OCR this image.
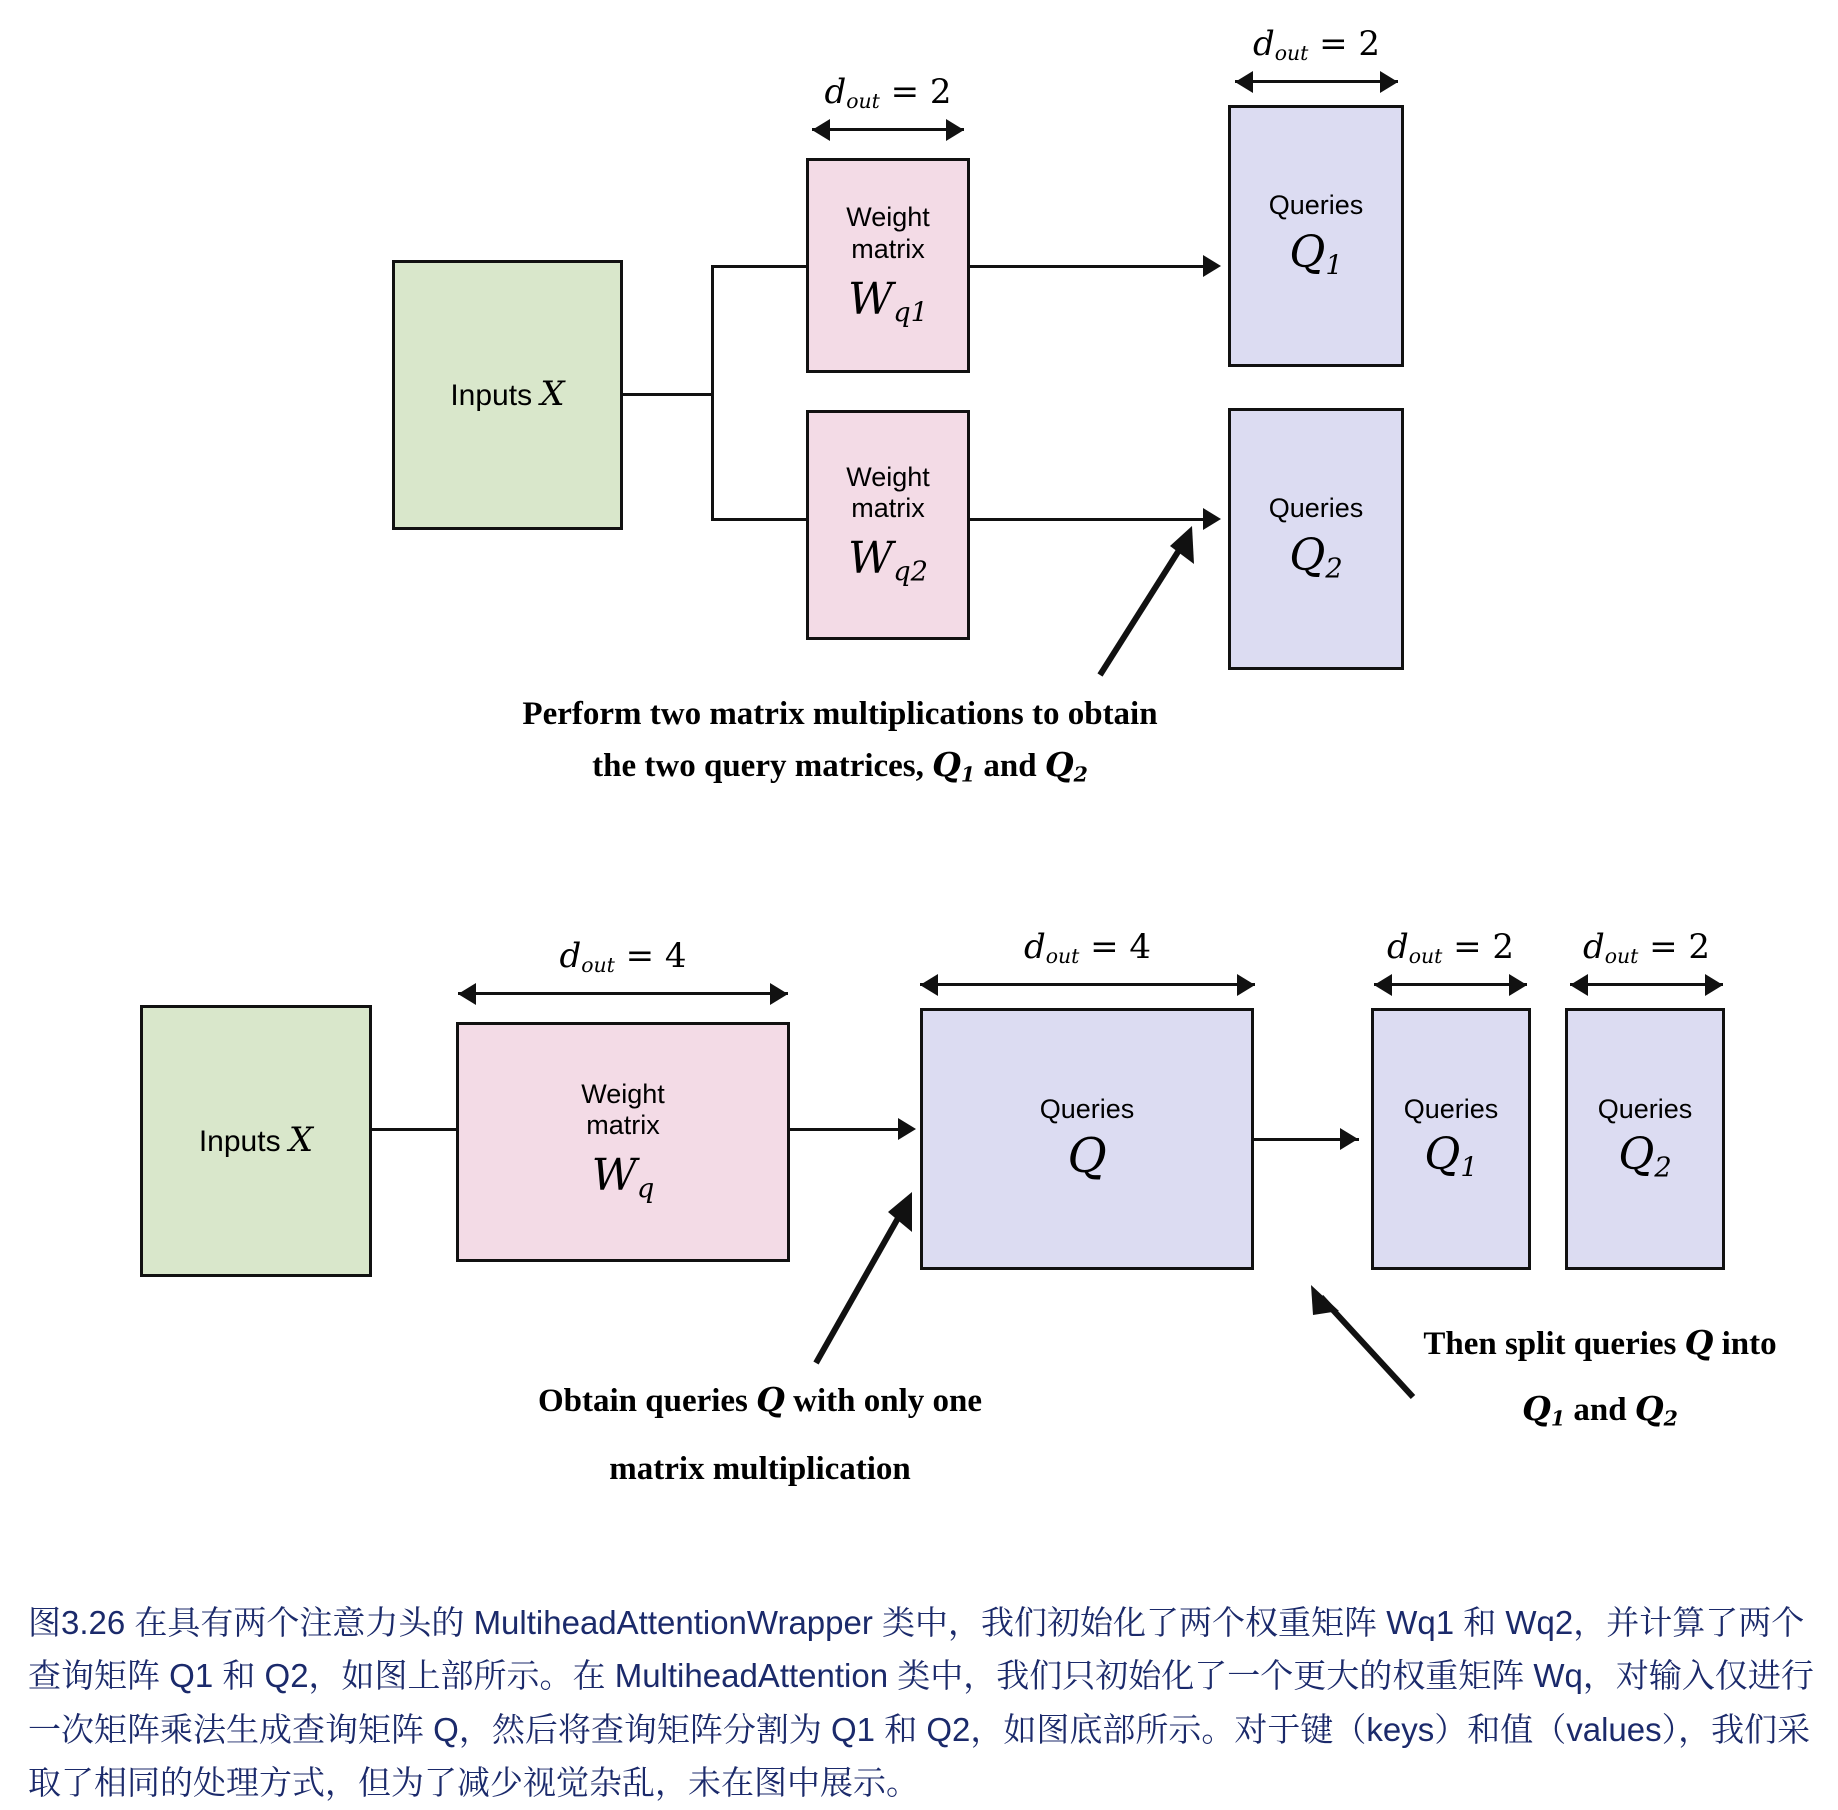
dout = 2
dout = 2
Inputs X
Weight
matrix
$W_{q1}$
Weight
matrix
$W_{q2}$
Queries
$Q_1$
Queries
$Q_2$
Perform two matrix multiplications to obtain
the two query matrices, Q1 and Q2
dout = 4	dout = 4	dout = 2 dout = 2
Inputs X
Weight
matrix
$W_q$
Queries
Q
Queries
$Q_1$
Queries
$Q_2$
Obtain queries Q with only one
matrix multiplication
Then split queries Q into
Q1 and Q2
图3.26 在具有两个注意力头的 MultiheadAttentionWrapper 类中，我们初始化了两个权重矩阵 Wq1 和 Wq2，并计算了两个查询矩阵 Q1 和 Q2，如图上部所示。在 MultiheadAttention 类中，我们只初始化了一个更大的权重矩阵 Wq，对输入仅进行一次矩阵乘法生成查询矩阵 Q，然后将查询矩阵分割为 Q1 和 Q2，如图底部所示。对于键（keys）和值（values），我们采取了相同的处理方式，但为了减少视觉杂乱，未在图中展示。
